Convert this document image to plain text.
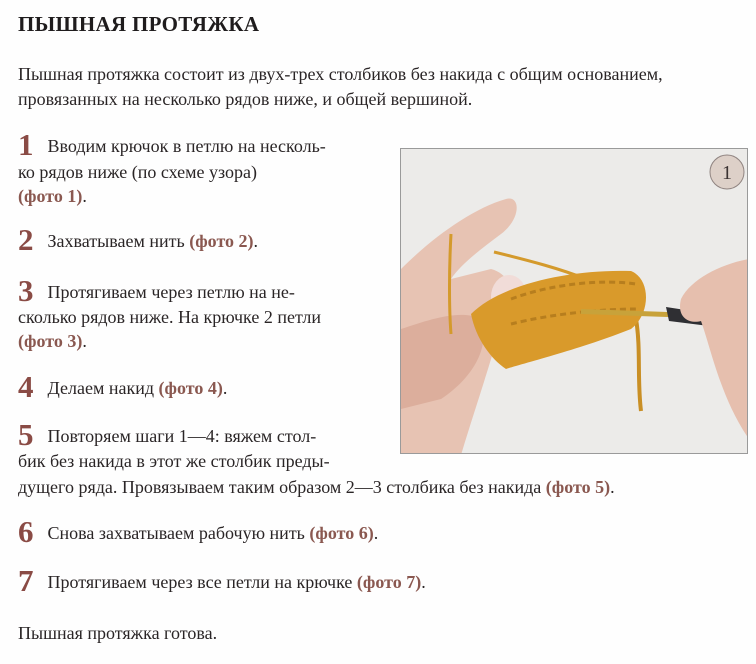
ПЫШНАЯ ПРОТЯЖКА
Пышная протяжка состоит из двух-трех столбиков без накида с общим основанием,
провязанных на несколько рядов ниже, и общей вершиной.
1 Вводим крючок в петлю на несколь-
ко рядов ниже (по схеме узора)
(фото 1).
2 Захватываем нить (фото 2).
3 Протягиваем через петлю на не-
сколько рядов ниже. На крючке 2 петли
(фото 3).
4 Делаем накид (фото 4).
5 Повторяем шаги 1—4: вяжем стол-
бик без накида в этот же столбик преды-
дущего ряда. Провязываем таким образом 2—3 столбика без накида (фото 5).
6 Снова захватываем рабочую нить (фото 6).
7 Протягиваем через все петли на крючке (фото 7).
Пышная протяжка готова.
1
